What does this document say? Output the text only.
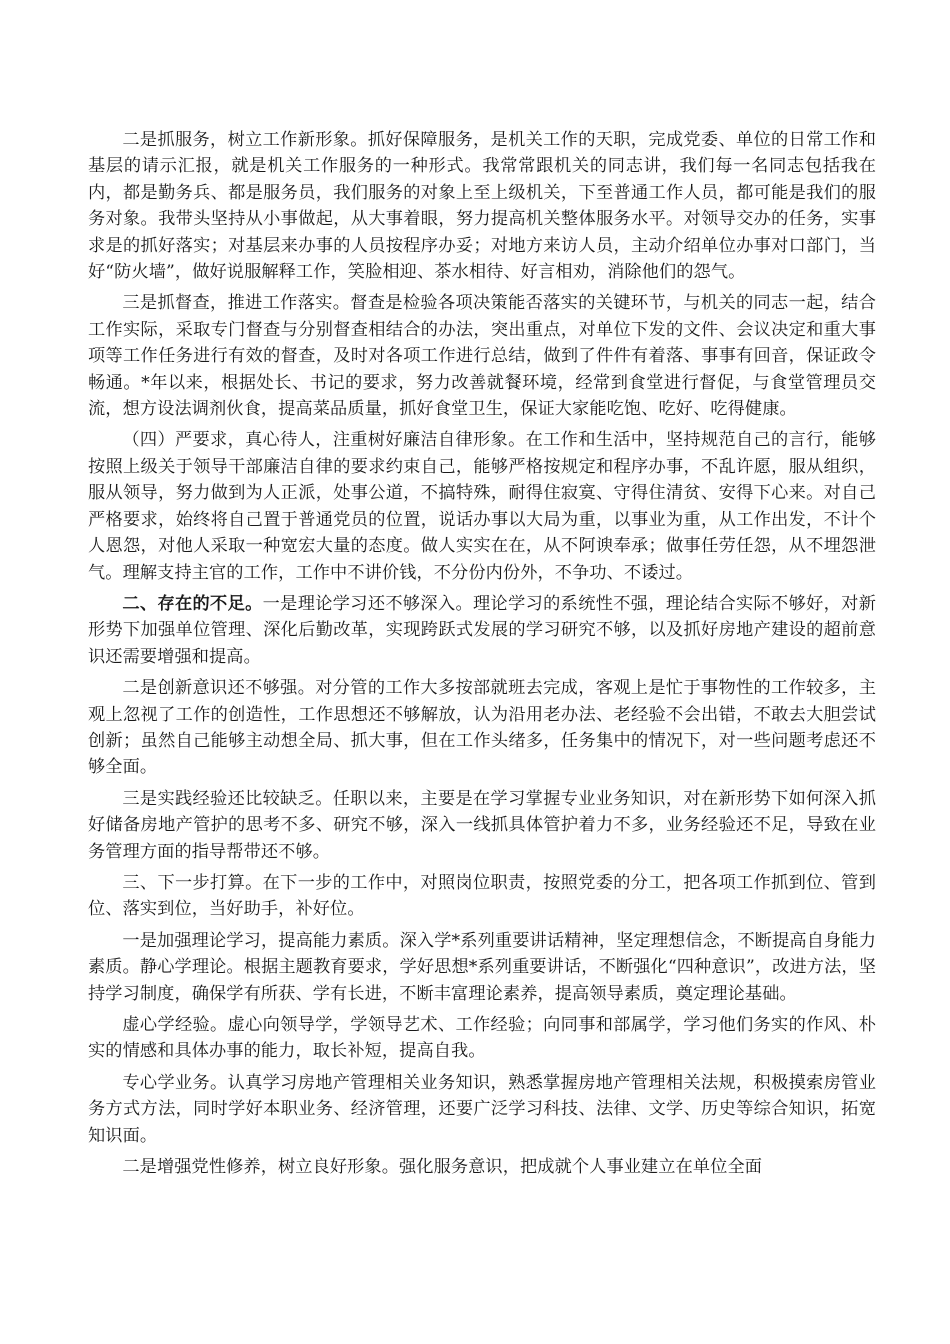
二是抓服务，树立工作新形象。抓好保障服务，是机关工作的天职，完成党委、单位的日常工作和基层的请示汇报，就是机关工作服务的一种形式。我常常跟机关的同志讲，我们每一名同志包括我在内，都是勤务兵、都是服务员，我们服务的对象上至上级机关，下至普通工作人员，都可能是我们的服务对象。我带头坚持从小事做起，从大事着眼，努力提高机关整体服务水平。对领导交办的任务，实事求是的抓好落实；对基层来办事的人员按程序办妥；对地方来访人员，主动介绍单位办事对口部门，当好“防火墙”，做好说服解释工作，笑脸相迎、茶水相待、好言相劝，消除他们的怨气。

三是抓督查，推进工作落实。督查是检验各项决策能否落实的关键环节，与机关的同志一起，结合工作实际，采取专门督查与分别督查相结合的办法，突出重点，对单位下发的文件、会议决定和重大事项等工作任务进行有效的督查，及时对各项工作进行总结，做到了件件有着落、事事有回音，保证政令畅通。*年以来，根据处长、书记的要求，努力改善就餐环境，经常到食堂进行督促，与食堂管理员交流，想方设法调剂伙食，提高菜品质量，抓好食堂卫生，保证大家能吃饱、吃好、吃得健康。

（四）严要求，真心待人，注重树好廉洁自律形象。在工作和生活中，坚持规范自己的言行，能够按照上级关于领导干部廉洁自律的要求约束自己，能够严格按规定和程序办事，不乱许愿，服从组织，服从领导，努力做到为人正派，处事公道，不搞特殊，耐得住寂寞、守得住清贫、安得下心来。对自己严格要求，始终将自己置于普通党员的位置，说话办事以大局为重，以事业为重，从工作出发，不计个人恩怨，对他人采取一种宽宏大量的态度。做人实实在在，从不阿谀奉承；做事任劳任怨，从不埋怨泄气。理解支持主官的工作，工作中不讲价钱，不分份内份外，不争功、不诿过。

二、存在的不足。一是理论学习还不够深入。理论学习的系统性不强，理论结合实际不够好，对新形势下加强单位管理、深化后勤改革，实现跨跃式发展的学习研究不够，以及抓好房地产建设的超前意识还需要增强和提高。

二是创新意识还不够强。对分管的工作大多按部就班去完成，客观上是忙于事物性的工作较多，主观上忽视了工作的创造性，工作思想还不够解放，认为沿用老办法、老经验不会出错，不敢去大胆尝试创新；虽然自己能够主动想全局、抓大事，但在工作头绪多，任务集中的情况下，对一些问题考虑还不够全面。

三是实践经验还比较缺乏。任职以来，主要是在学习掌握专业业务知识，对在新形势下如何深入抓好储备房地产管护的思考不多、研究不够，深入一线抓具体管护着力不多，业务经验还不足，导致在业务管理方面的指导帮带还不够。

三、下一步打算。在下一步的工作中，对照岗位职责，按照党委的分工，把各项工作抓到位、管到位、落实到位，当好助手，补好位。

一是加强理论学习，提高能力素质。深入学*系列重要讲话精神，坚定理想信念，不断提高自身能力素质。静心学理论。根据主题教育要求，学好思想*系列重要讲话，不断强化“四种意识”，改进方法，坚持学习制度，确保学有所获、学有长进，不断丰富理论素养，提高领导素质，奠定理论基础。

虚心学经验。虚心向领导学，学领导艺术、工作经验；向同事和部属学，学习他们务实的作风、朴实的情感和具体办事的能力，取长补短，提高自我。

专心学业务。认真学习房地产管理相关业务知识，熟悉掌握房地产管理相关法规，积极摸索房管业务方式方法，同时学好本职业务、经济管理，还要广泛学习科技、法律、文学、历史等综合知识，拓宽知识面。

二是增强党性修养，树立良好形象。强化服务意识，把成就个人事业建立在单位全面
